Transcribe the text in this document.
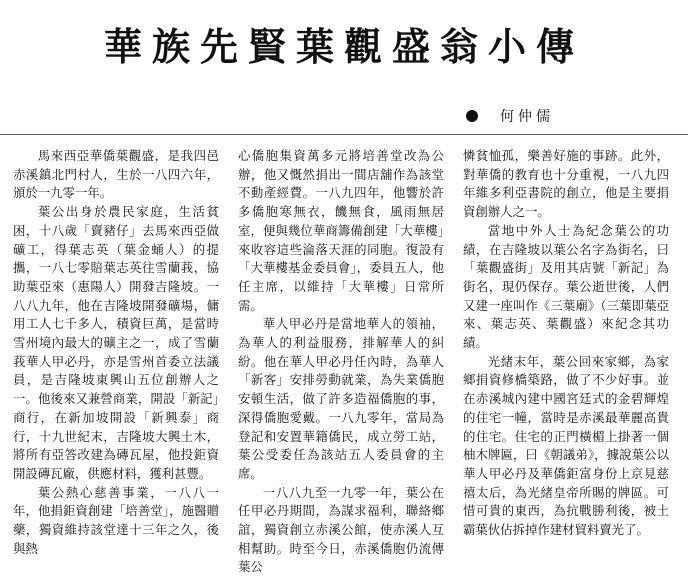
華族先賢葉觀盛翁小傳
何仲儒

馬來西亞華僑葉觀盛，是我四邑赤溪鎮北門村人，生於一八四六年，頒於一九零一年。

葉公出身於農民家庭，生活貧困，十八歲「賣豬仔」去馬來西亞做礦工，得葉志英（葉金蛹人）的提攜，一八七零賠葉志英往雪蘭莪，協助葉亞來（惠陽人）開發吉隆坡。一八八九年，他在吉隆坡開發礦場，傭用工人七千多人，積資巨萬，是當時雪州境內最大的礦主之一，成了雪蘭莪華人甲必丹，亦是雪州首委立法議員，是吉隆坡東興山五位創辦人之一。他後來又兼營商業，開設「新記」商行，在新加坡開設「新興泰」商行，十九世紀末，吉隆坡大興土木，將所有亞答改建為磚瓦屋，他投鉅資開設磚瓦廠，供應材料，獲利甚豐。

葉公熱心慈善事業，一八八一年，他捐鉅資創建「培善堂」，施醫贈藥，獨資維持該堂達十三年之久，後與熱

心僑胞集資萬多元將培善堂改為公辦，他又慨然捐出一間店舖作為該堂不動產經費。一八九四年，他響於許多僑胞寒無衣，饑無食，風雨無居室，便與幾位華商籌備創建「大華樓」來收容這些淪落天涯的同胞。復設有「大華樓基金委員會」，委員五人，他任主席，以維持「大華樓」日常所需。

華人甲必丹是當地華人的領袖，為華人的利益服務，排解華人的糾紛。他在華人甲必丹任內時，為華人「新客」安排勞動就業，為失業僑胞安頓生活，做了許多造福僑胞的事，深得僑胞愛戴。一八九零年，當局為登記和安置華籍僑民，成立勞工站，葉公受委任為該站五人委員會的主席。

一八八九至一九零一年，葉公在任甲必丹期間，為謀求福利，聯絡鄉誼，獨資創立赤溪公館，使赤溪人互相幫助。時至今日，赤溪僑胞仍流傳葉公

憐貧恤孤，樂善好施的事跡。此外，對華僑的教育也十分重視，一八九四年維多利亞書院的創立，他是主要捐資創辦人之一。

當地中外人士為紀念葉公的功績，在吉隆坡以葉公名字為街名，曰「葉觀盛街」及用其店號「新記」為街名，現仍保存。葉公逝世後，人們又建一座叫作《三葉廟》（三葉即葉亞來、葉志英、葉觀盛）來紀念其功績。

光緒末年，葉公回來家鄉，為家鄉捐資修橋築路，做了不少好事。並在赤溪城內建中國宮廷式的金碧輝煌的住宅一幢，當時是赤溪最華麗高貴的住宅。住宅的正門橫楣上掛著一個柚木牌匾，曰《朝議弟》，據說葉公以華人甲必丹及華僑鉅富身份上京見慈禧太后，為光緒皇帝所賜的牌區。可惜可貴的東西，為抗戰勝利後，被土霸葉伙佔拆掉作建材貿料賣光了。
